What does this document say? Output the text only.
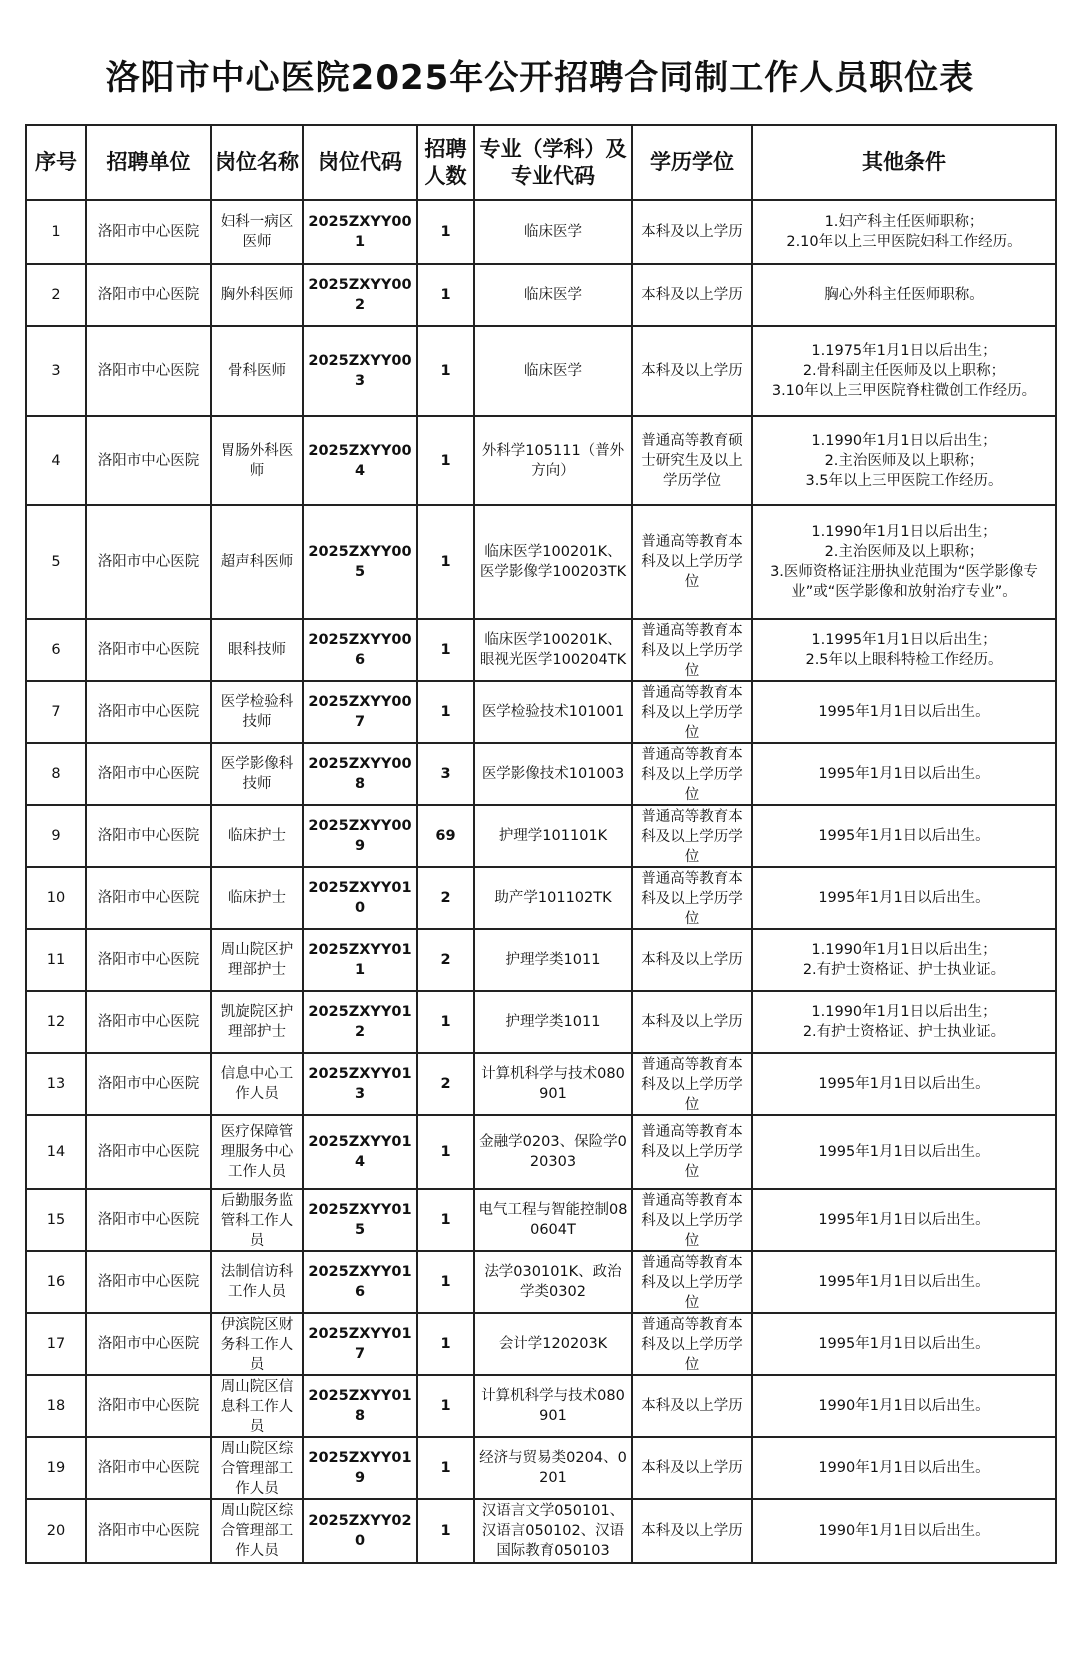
洛阳市中心医院2025年公开招聘合同制工作人员职位表
序号	招聘单位	岗位名称	岗位代码	招聘人数	专业（学科）及专业代码	学历学位	其他条件

1	洛阳市中心医院	妇科一病区医师	2025ZXYY001	1	临床医学	本科及以上学历	1.妇产科主任医师职称；
2.10年以上三甲医院妇科工作经历。

2	洛阳市中心医院	胸外科医师	2025ZXYY002	1	临床医学	本科及以上学历	胸心外科主任医师职称。

3	洛阳市中心医院	骨科医师	2025ZXYY003	1	临床医学	本科及以上学历	1.1975年1月1日以后出生；
2.骨科副主任医师及以上职称；
3.10年以上三甲医院脊柱微创工作经历。

4	洛阳市中心医院	胃肠外科医师	2025ZXYY004	1	外科学105111（普外方向）	普通高等教育硕士研究生及以上学历学位	1.1990年1月1日以后出生；
2.主治医师及以上职称；
3.5年以上三甲医院工作经历。

5	洛阳市中心医院	超声科医师	2025ZXYY005	1	临床医学100201K、医学影像学100203TK	普通高等教育本科及以上学历学位	1.1990年1月1日以后出生；
2.主治医师及以上职称；
3.医师资格证注册执业范围为“医学影像专业”或“医学影像和放射治疗专业”。

6	洛阳市中心医院	眼科技师	2025ZXYY006	1	临床医学100201K、眼视光医学100204TK	普通高等教育本科及以上学历学位	1.1995年1月1日以后出生；
2.5年以上眼科特检工作经历。

7	洛阳市中心医院	医学检验科技师	2025ZXYY007	1	医学检验技术101001	普通高等教育本科及以上学历学位	1995年1月1日以后出生。

8	洛阳市中心医院	医学影像科技师	2025ZXYY008	3	医学影像技术101003	普通高等教育本科及以上学历学位	1995年1月1日以后出生。

9	洛阳市中心医院	临床护士	2025ZXYY009	69	护理学101101K	普通高等教育本科及以上学历学位	1995年1月1日以后出生。

10	洛阳市中心医院	临床护士	2025ZXYY010	2	助产学101102TK	普通高等教育本科及以上学历学位	1995年1月1日以后出生。

11	洛阳市中心医院	周山院区护理部护士	2025ZXYY011	2	护理学类1011	本科及以上学历	1.1990年1月1日以后出生；
2.有护士资格证、护士执业证。

12	洛阳市中心医院	凯旋院区护理部护士	2025ZXYY012	1	护理学类1011	本科及以上学历	1.1990年1月1日以后出生；
2.有护士资格证、护士执业证。

13	洛阳市中心医院	信息中心工作人员	2025ZXYY013	2	计算机科学与技术080901	普通高等教育本科及以上学历学位	1995年1月1日以后出生。

14	洛阳市中心医院	医疗保障管理服务中心工作人员	2025ZXYY014	1	金融学0203、保险学020303	普通高等教育本科及以上学历学位	1995年1月1日以后出生。

15	洛阳市中心医院	后勤服务监管科工作人员	2025ZXYY015	1	电气工程与智能控制080604T	普通高等教育本科及以上学历学位	1995年1月1日以后出生。

16	洛阳市中心医院	法制信访科工作人员	2025ZXYY016	1	法学030101K、政治学类0302	普通高等教育本科及以上学历学位	1995年1月1日以后出生。

17	洛阳市中心医院	伊滨院区财务科工作人员	2025ZXYY017	1	会计学120203K	普通高等教育本科及以上学历学位	1995年1月1日以后出生。

18	洛阳市中心医院	周山院区信息科工作人员	2025ZXYY018	1	计算机科学与技术080901	本科及以上学历	1990年1月1日以后出生。

19	洛阳市中心医院	周山院区综合管理部工作人员	2025ZXYY019	1	经济与贸易类0204、0201	本科及以上学历	1990年1月1日以后出生。

20	洛阳市中心医院	周山院区综合管理部工作人员	2025ZXYY020	1	汉语言文学050101、汉语言050102、汉语国际教育050103	本科及以上学历	1990年1月1日以后出生。
